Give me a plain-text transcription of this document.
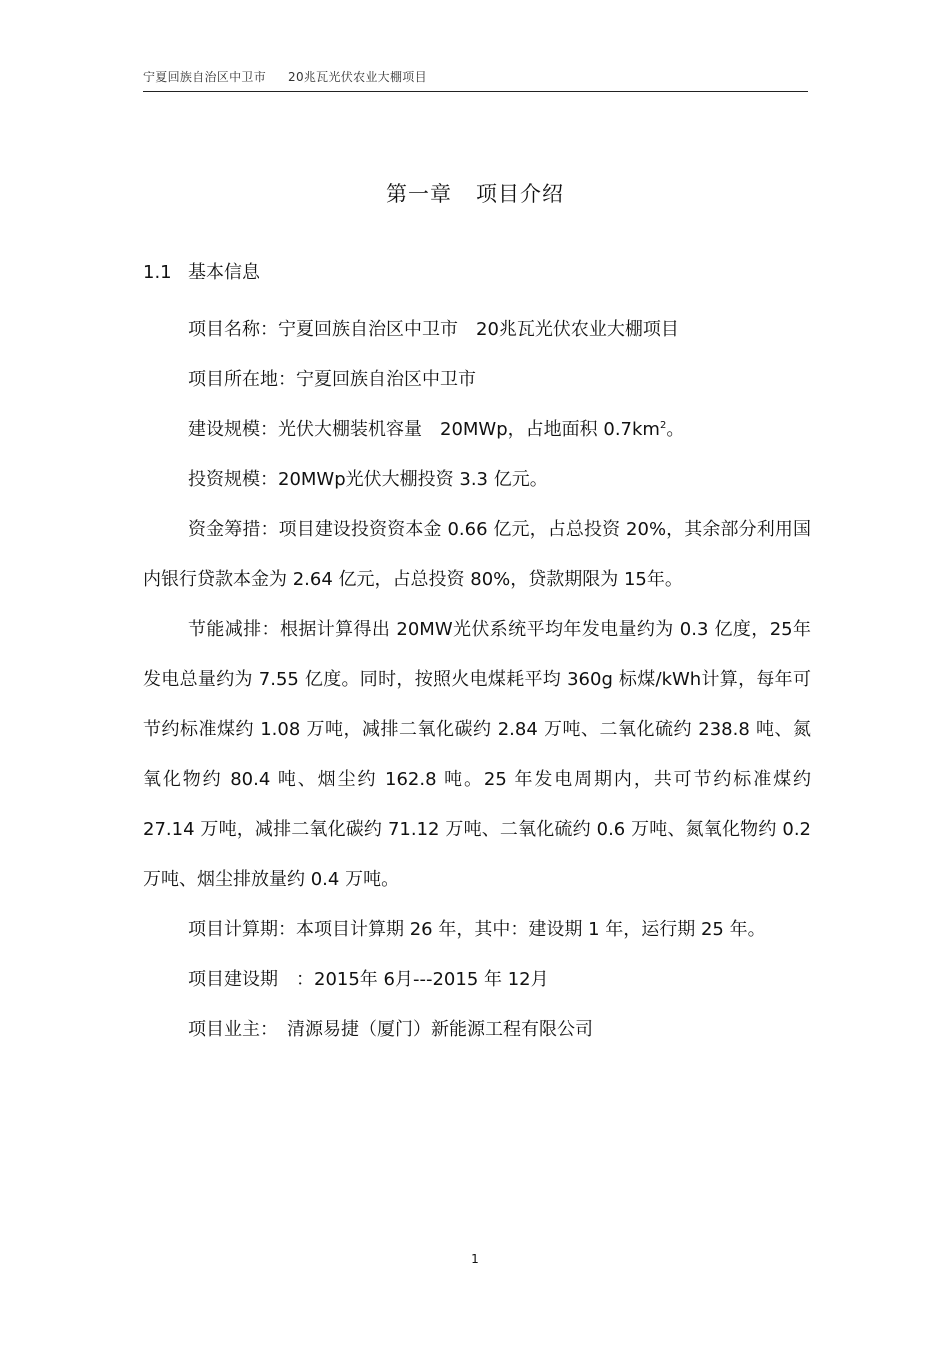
宁夏回族自治区中卫市 20兆瓦光伏农业大棚项目
第一章 项目介绍
1.1 基本信息

项目名称：宁夏回族自治区中卫市　20兆瓦光伏农业大棚项目

项目所在地：宁夏回族自治区中卫市

建设规模：光伏大棚装机容量　20MWp，占地面积 $0.7km^2$。

投资规模：20MWp光伏大棚投资 3.3 亿元。

资金筹措：项目建设投资资本金 0.66 亿元，占总投资 20%，其余部分利用国内银行贷款本金为 2.64 亿元，占总投资 80%，贷款期限为 15年。

节能减排：根据计算得出 20MW光伏系统平均年发电量约为 0.3 亿度，25年发电总量约为 7.55 亿度。同时，按照火电煤耗平均 360g 标煤/kWh计算，每年可节约标准煤约 1.08 万吨，减排二氧化碳约 2.84 万吨、二氧化硫约 238.8 吨、氮氧化物约 80.4 吨、烟尘约 162.8 吨。25 年发电周期内，共可节约标准煤约 27.14 万吨，减排二氧化碳约 71.12 万吨、二氧化硫约 0.6 万吨、氮氧化物约 0.2 万吨、烟尘排放量约 0.4 万吨。

项目计算期：本项目计算期 26 年，其中：建设期 1 年，运行期 25 年。

项目建设期　：2015年 6月---2015 年 12月

项目业主：　清源易捷（厦门）新能源工程有限公司

1
